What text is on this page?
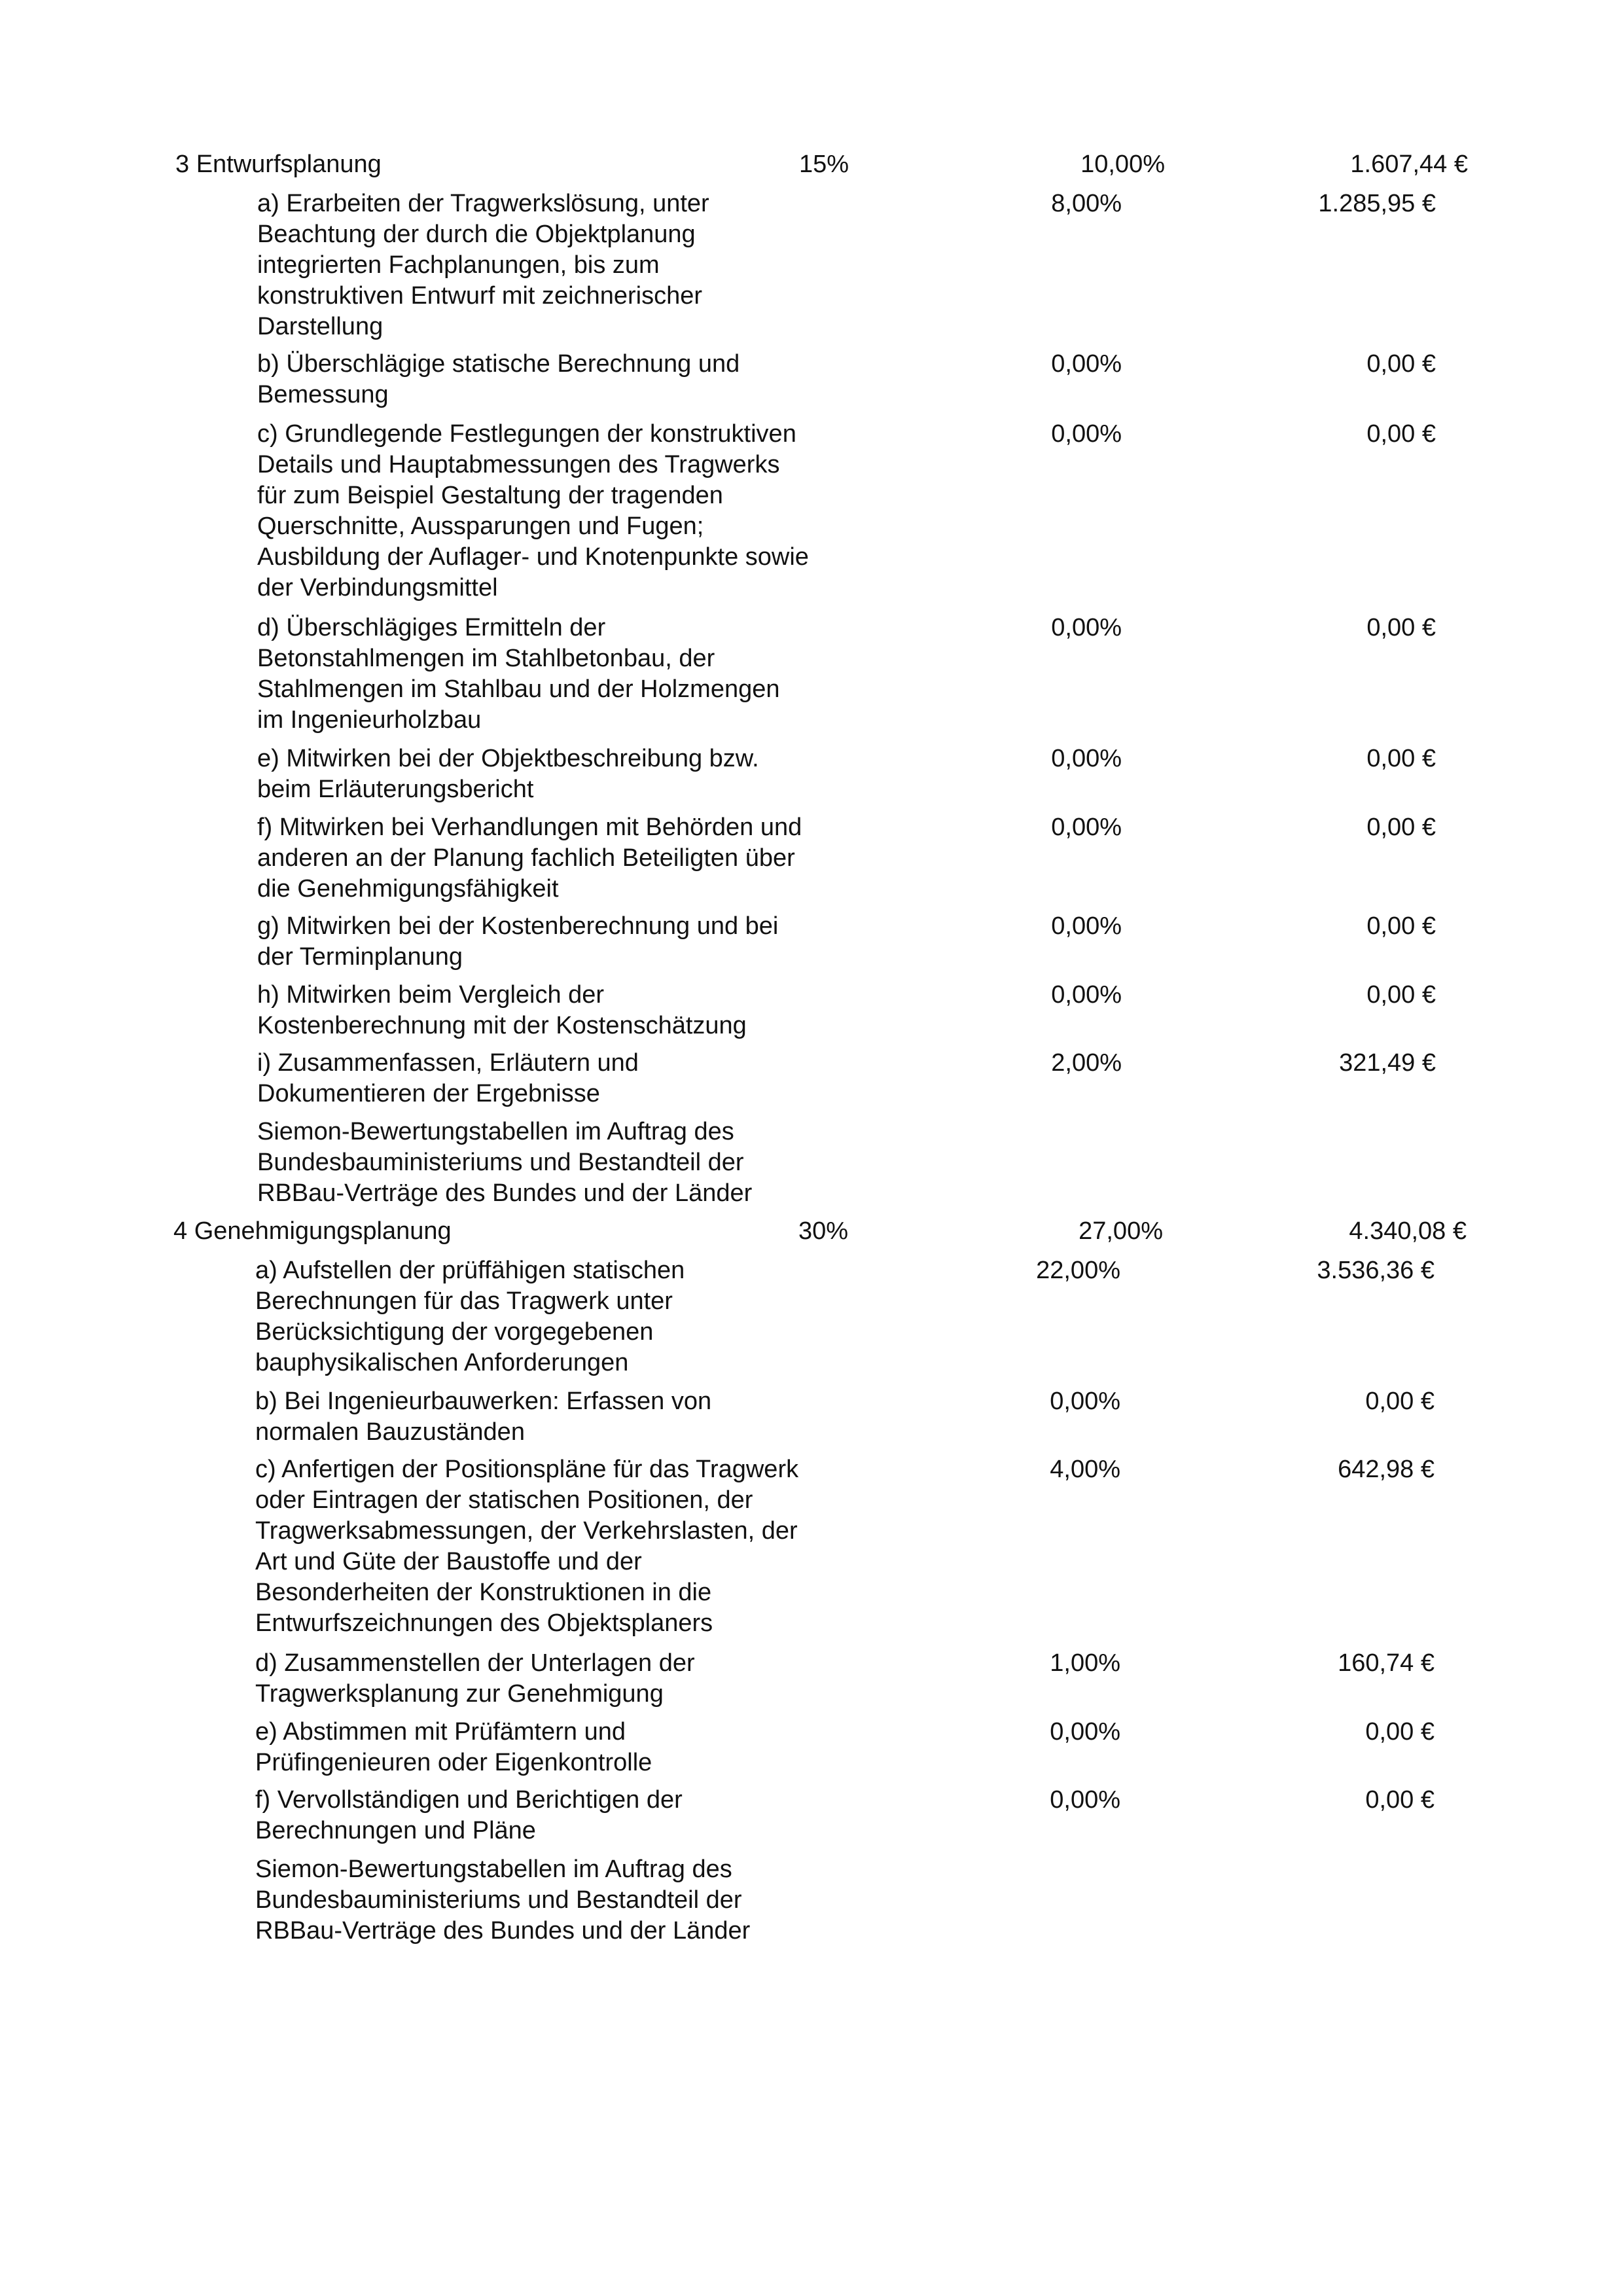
3 Entwurfsplanung	15%	10,00%	1.607,44 €
a) Erarbeiten der Tragwerkslösung, unter
Beachtung der durch die Objektplanung
integrierten Fachplanungen, bis zum
konstruktiven Entwurf mit zeichnerischer
Darstellung
8,00%	1.285,95 €
b) Überschlägige statische Berechnung und
Bemessung
0,00%	0,00 €
c) Grundlegende Festlegungen der konstruktiven
Details und Hauptabmessungen des Tragwerks
für zum Beispiel Gestaltung der tragenden
Querschnitte, Aussparungen und Fugen;
Ausbildung der Auflager- und Knotenpunkte sowie
der Verbindungsmittel
0,00%	0,00 €
d) Überschlägiges Ermitteln der
Betonstahlmengen im Stahlbetonbau, der
Stahlmengen im Stahlbau und der Holzmengen
im Ingenieurholzbau
0,00%	0,00 €
e) Mitwirken bei der Objektbeschreibung bzw.
beim Erläuterungsbericht
0,00%	0,00 €
f) Mitwirken bei Verhandlungen mit Behörden und
anderen an der Planung fachlich Beteiligten über
die Genehmigungsfähigkeit
0,00%	0,00 €
g) Mitwirken bei der Kostenberechnung und bei
der Terminplanung
0,00%	0,00 €
h) Mitwirken beim Vergleich der
Kostenberechnung mit der Kostenschätzung
0,00%	0,00 €
i) Zusammenfassen, Erläutern und
Dokumentieren der Ergebnisse
2,00%	321,49 €
Siemon-Bewertungstabellen im Auftrag des
Bundesbauministeriums und Bestandteil der
RBBau-Verträge des Bundes und der Länder
4 Genehmigungsplanung	30%	27,00%	4.340,08 €
a) Aufstellen der prüffähigen statischen
Berechnungen für das Tragwerk unter
Berücksichtigung der vorgegebenen
bauphysikalischen Anforderungen
22,00%	3.536,36 €
b) Bei Ingenieurbauwerken: Erfassen von
normalen Bauzuständen
0,00%	0,00 €
c) Anfertigen der Positionspläne für das Tragwerk
oder Eintragen der statischen Positionen, der
Tragwerksabmessungen, der Verkehrslasten, der
Art und Güte der Baustoffe und der
Besonderheiten der Konstruktionen in die
Entwurfszeichnungen des Objektsplaners
4,00%	642,98 €
d) Zusammenstellen der Unterlagen der
Tragwerksplanung zur Genehmigung
1,00%	160,74 €
e) Abstimmen mit Prüfämtern und
Prüfingenieuren oder Eigenkontrolle
0,00%	0,00 €
f) Vervollständigen und Berichtigen der
Berechnungen und Pläne
0,00%	0,00 €
Siemon-Bewertungstabellen im Auftrag des
Bundesbauministeriums und Bestandteil der
RBBau-Verträge des Bundes und der Länder
